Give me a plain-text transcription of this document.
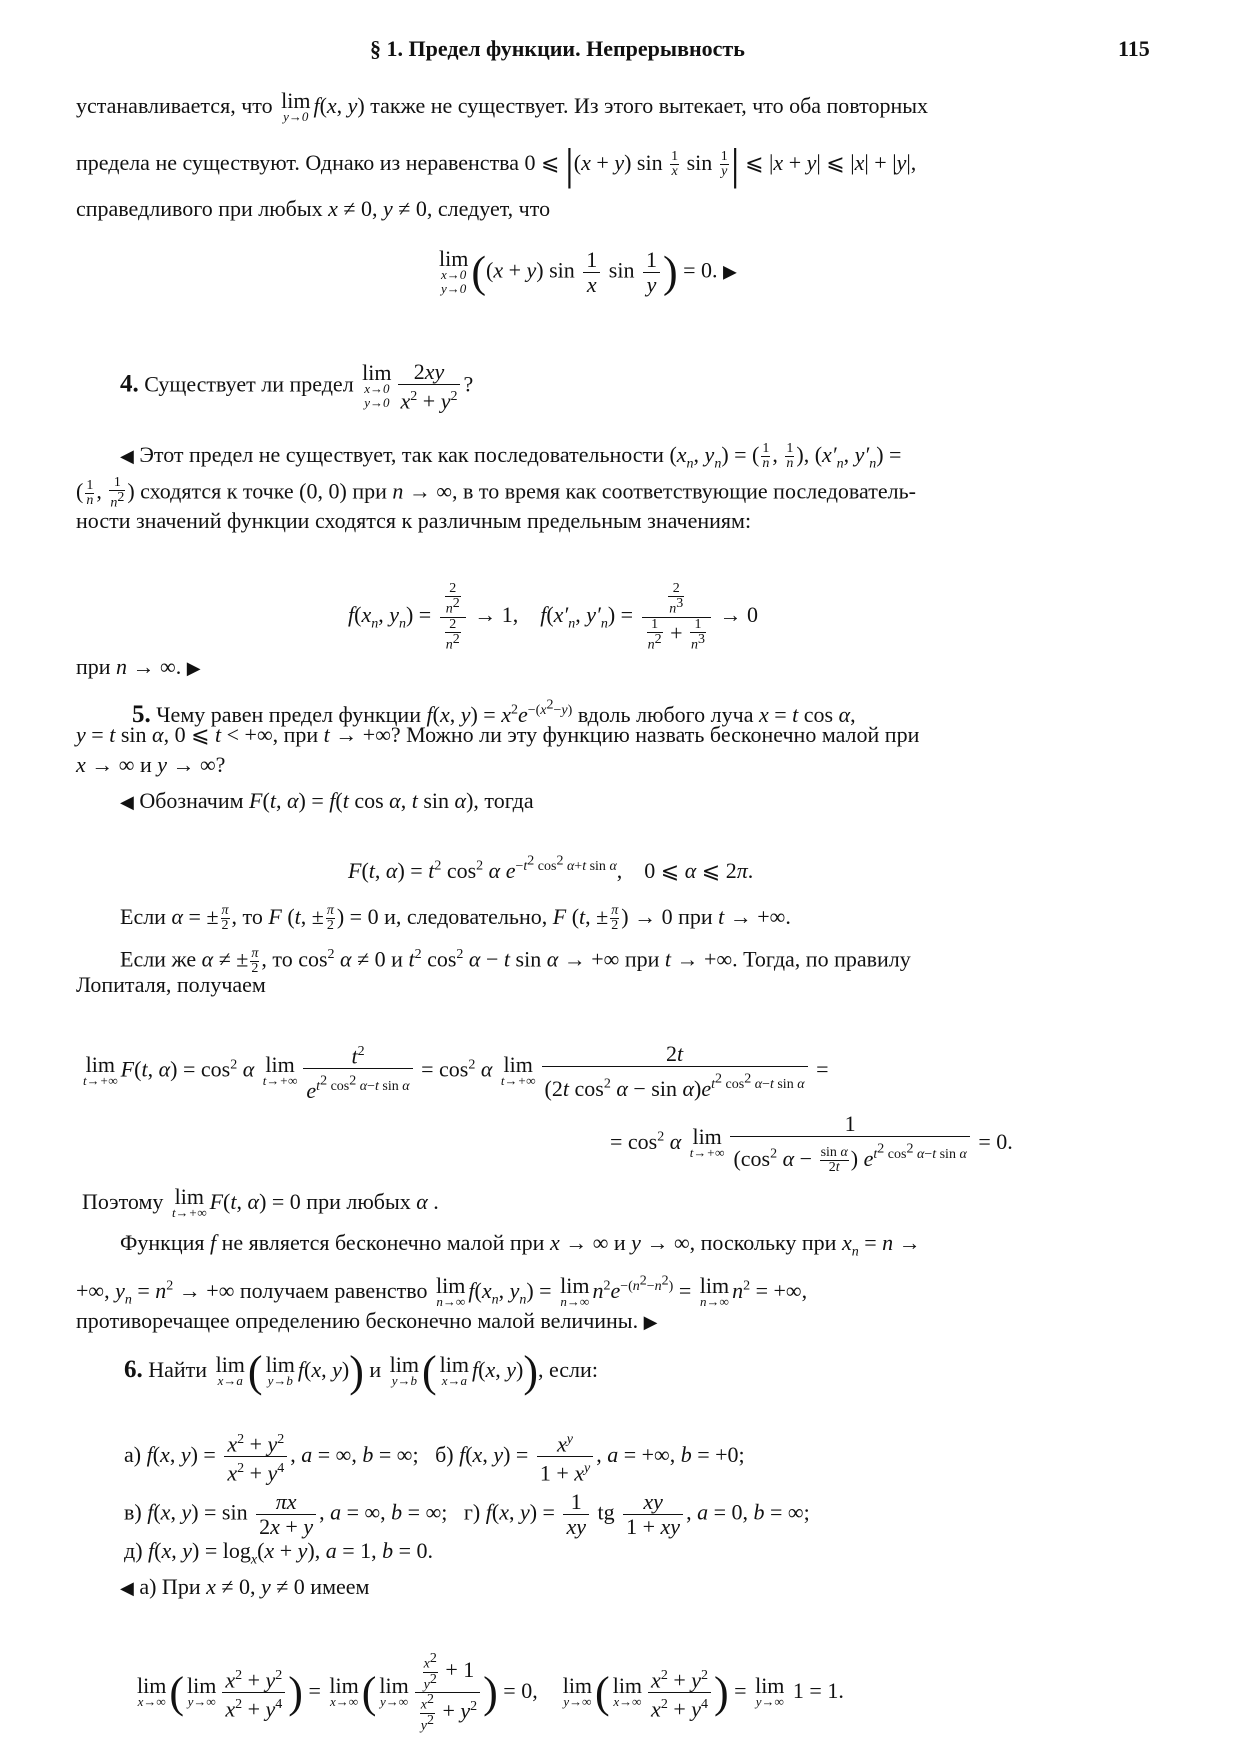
§ 1. Предел функции. Непрерывность	115
устанавливается, что lim
y→0 f(x, y) также не существует. Из этого вытекает, что оба повторных
предела не существуют. Однако из неравенства 0 ⩽ |(x + y) $\sin \frac{1}{x}$ $\sin \frac{1}{y}$ | ⩽ |x + y| ⩽ |x| + |y|,
справедливого при любых x ≠ 0, y ≠ 0, следует, что
lim
x→0
y→0 ((x + y) $\sin \frac{1}{x}$ $\sin \frac{1}{y}$ ) = 0. ▶
4. Существует ли предел lim
x→0
$y\to 0 \frac{2xy}{x^2 + y^2}$ ?
◀ Этот предел не существует, так как последовательности ($x_n$, $y_n$) = ( $\frac{1}{n}$ , $\frac{1}{n}$ ), ($x'_n$, $y'_n$) =
( $\frac{1}{n}$ , $\frac{1}{n^2}$ ) сходятся к точке (0, 0) при n → ∞, в то время как соответствующие последователь-
ности значений функции сходятся к различным предельным значениям:
$f(x_n$, $y_n) = \frac{\frac{2}{n^2}}{\frac{2}{n^2}} \to 1$,    $f(x'_n$, $y'_n) = \frac{\frac{2}{n^3}}{\frac{1}{n^2} + \frac{1}{n^3}} \to 0$
при n → ∞. ▶
5. Чему равен предел функции f(x, $y) = x^2e^{-(x^2-y)}$ вдоль любого луча x = t cos α,
y = t sin α, 0 ⩽ t < +∞, при t → +∞? Можно ли эту функцию назвать бесконечно малой при
x → ∞ и y → ∞?
◀ Обозначим F(t, α) = f(t cos α, t sin α), тогда
F(t, $\alpha) = t^2$ $\cos^2 \alpha$ $e^{-t^2 cos^2 \alpha+t sin \alpha}$,    0 ⩽ α ⩽ 2π.
Если α = ± $\frac{\pi}{2}$ , то F (t, ± $\frac{\pi}{2}$ ) = 0 и, следовательно, F (t, ± $\frac{\pi}{2}$ ) → 0 при t → +∞.
Если же α ≠ ± $\frac{\pi}{2}$ , то $\cos^2 \alpha \ne 0$ и $t^2$ $\cos^2 \alpha - t$ sin α → +∞ при t → +∞. Тогда, по правилу
Лопиталя, получаем
lim
t→+∞ F(t, $\alpha) = \cos^2 \alpha$ lim
$t\to+\infty \frac{t^2}{e^{t^2 cos^2 \alpha-t sin \alpha}} = \cos^2 \alpha$ lim
$t\to+\infty \frac{2t}{(2t \cos^2 \alpha - \sin \alpha)e^{t^2 cos^2 \alpha-t sin \alpha}}$ =
= $\cos^2 \alpha$ lim
$t\to+\infty \frac{1}{(\cos^2 \alpha - \frac{\text{sin α}}{2t} ) e^{t^2 cos^2 \alpha-t sin \alpha}} = 0$.
Поэтому lim
t→+∞ F(t, α) = 0 при любых α .
Функция f не является бесконечно малой при x → ∞ и y → ∞, поскольку при $x_n = n$ →
+∞, $y_n = n^2$ → +∞ получаем равенство lim
n→∞ $f(x_n$, $y_n) = \lim$
n→∞ $n^2e^{-(n^2-n^2)} = \lim$
n→∞ $n^2$ = +∞,
противоречащее определению бесконечно малой величины. ▶
6. Найти lim
x→a ( lim
y→b f(x, y)) и lim
y→b ( lim
x→a f(x, y)), если:
а) f(x, $y) = \frac{x^2 + y^2}{x^2 + y^4}$ , a = ∞, b = ∞;   б) f(x, $y) = \frac{x^y}{1 + x^y}$ , a = +∞, b = +0;
в) f(x, $y) = \sin \frac{\pi x}{2x + y}$ , a = ∞, b = ∞;   г) f(x, $y) = \frac{1}{xy}$ tg $\frac{xy}{1 + xy}$ , a = 0, b = ∞;
д) f(x, $y) = \log_x(x + y)$, a = 1, b = 0.
◀ а) При x ≠ 0, y ≠ 0 имеем
lim
x→∞ ( lim
$y\to\infty \frac{x^2 + y^2}{x^2 + y^4}$ ) = lim
x→∞ ( lim
$y\to\infty \frac{\frac{x^2}{y^2} + 1}{\frac{x^2}{y^2} + y^2}$ ) = 0,    lim
y→∞ ( lim
$x\to\infty \frac{x^2 + y^2}{x^2 + y^4}$ ) = lim
y→∞ 1 = 1.
